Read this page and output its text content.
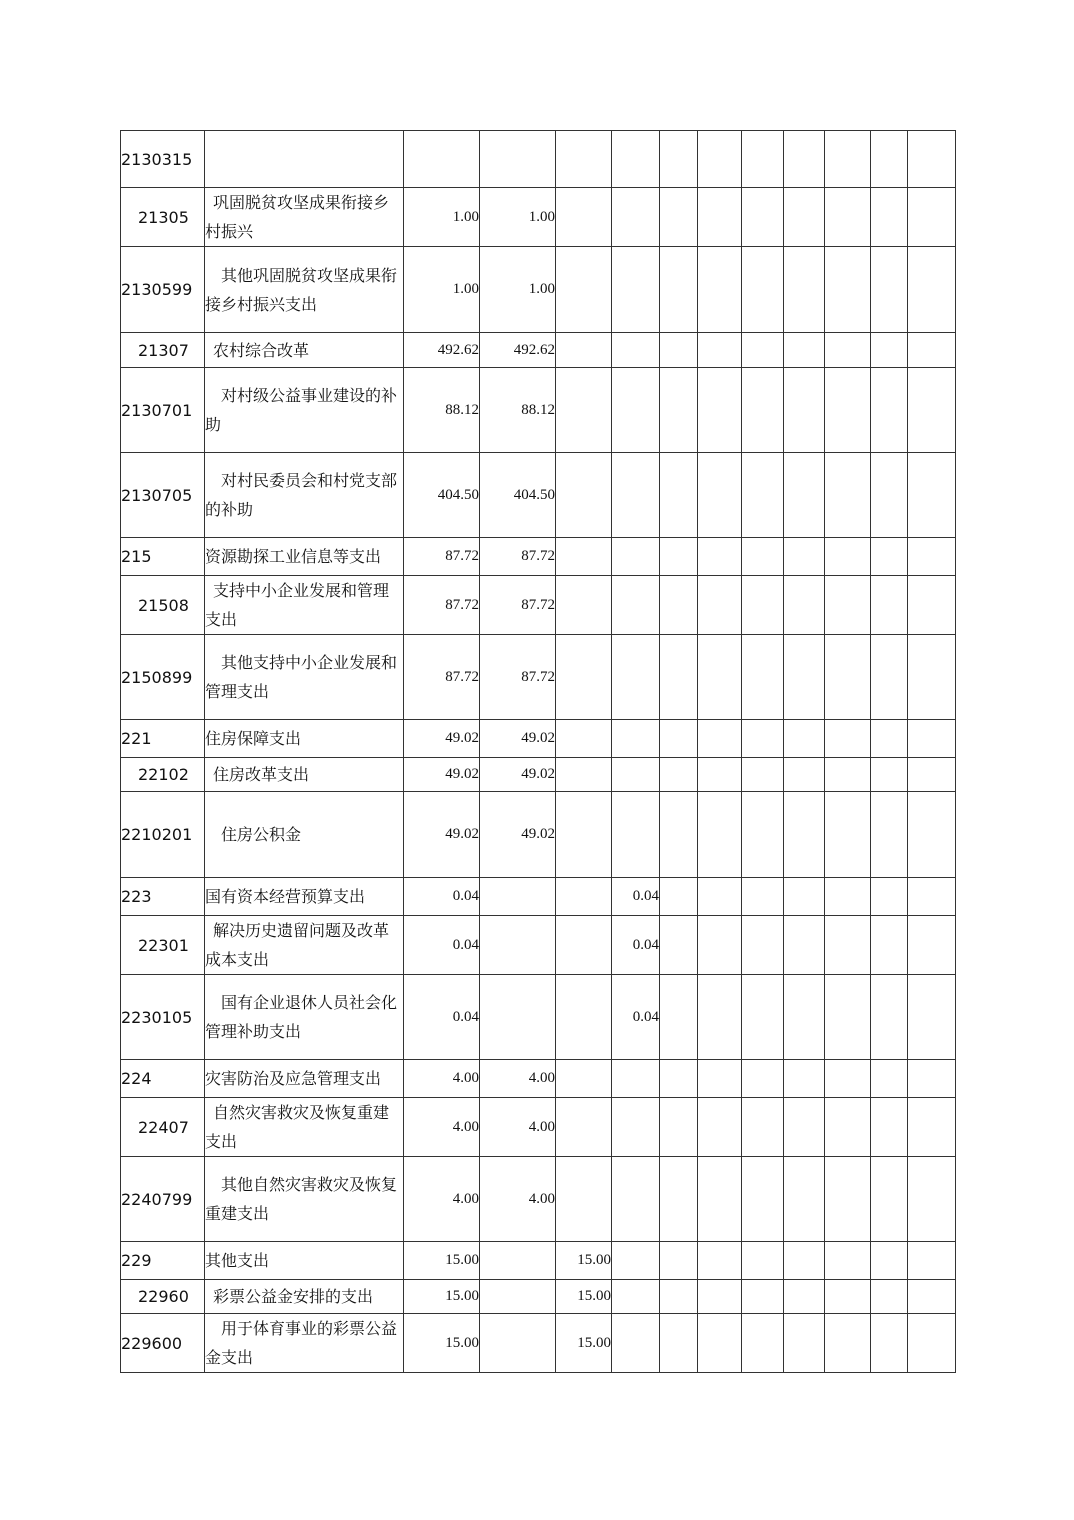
2130315												
21305	巩固脱贫攻坚成果衔接乡村振兴	1.00	1.00									
2130599	其他巩固脱贫攻坚成果衔接乡村振兴支出	1.00	1.00									
21307	农村综合改革	492.62	492.62									
2130701	对村级公益事业建设的补助	88.12	88.12									
2130705	对村民委员会和村党支部的补助	404.50	404.50									
215	资源勘探工业信息等支出	87.72	87.72									
21508	支持中小企业发展和管理支出	87.72	87.72									
2150899	其他支持中小企业发展和管理支出	87.72	87.72									
221	住房保障支出	49.02	49.02									
22102	住房改革支出	49.02	49.02									
2210201	住房公积金	49.02	49.02									
223	国有资本经营预算支出	0.04			0.04							
22301	解决历史遗留问题及改革成本支出	0.04			0.04							
2230105	国有企业退休人员社会化管理补助支出	0.04			0.04							
224	灾害防治及应急管理支出	4.00	4.00									
22407	自然灾害救灾及恢复重建支出	4.00	4.00									
2240799	其他自然灾害救灾及恢复重建支出	4.00	4.00									
229	其他支出	15.00		15.00								
22960	彩票公益金安排的支出	15.00		15.00								
229600	用于体育事业的彩票公益金支出	15.00		15.00								
